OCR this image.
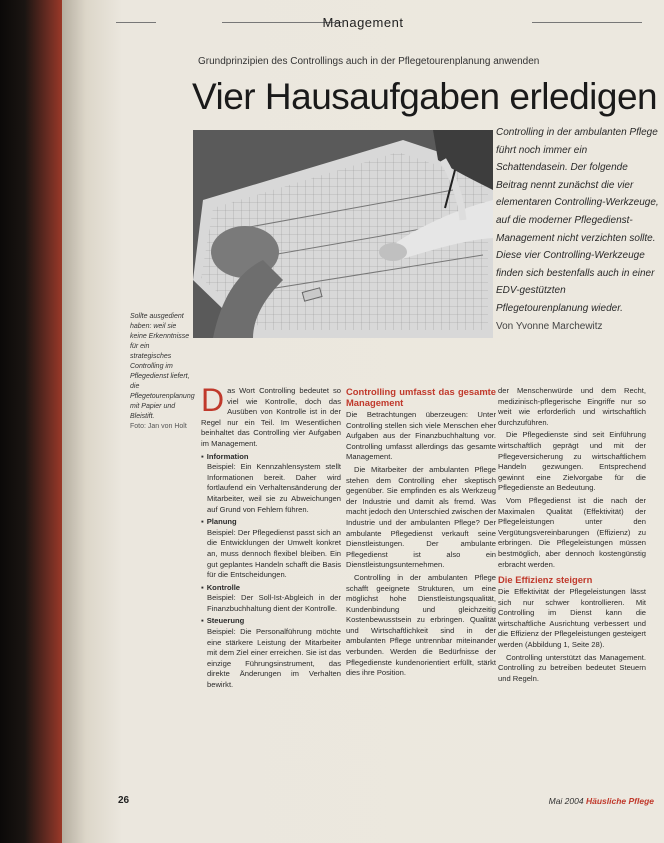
Management
Grundprinzipien des Controllings auch in der Pflegetourenplanung anwenden
Vier Hausaufgaben erledigen
Controlling in der ambulanten Pflege führt noch immer ein Schattendasein. Der folgende Beitrag nennt zunächst die vier elementaren Controlling-Werkzeuge, auf die moderner Pflegedienst-Management nicht verzichten sollte. Diese vier Controlling-Werkzeuge finden sich bestenfalls auch in einer EDV-gestützten Pflegetourenplanung wieder.
Von Yvonne Marchewitz
Sollte ausgedient haben: weil sie keine Erkenntnisse für ein strategisches Controlling im Pflegedienst liefert, die Pflegetourenplanung mit Papier und Bleistift.
Foto: Jan von Holt
D as Wort Controlling bedeutet so viel wie Kontrolle, doch das Ausüben von Kontrolle ist in der Regel nur ein Teil. Im Wesentlichen beinhaltet das Controlling vier Aufgaben im Management.
▪ Information
Beispiel: Ein Kennzahlensystem stellt Informationen bereit. Daher wird fortlaufend ein Verhaltensänderung der Mitarbeiter, weil sie zu Abweichungen auf Grund von Fehlern führen.
▪ Planung
Beispiel: Der Pflegedienst passt sich an die Entwicklungen der Umwelt konkret an, muss dennoch flexibel bleiben. Ein gut geplantes Handeln schafft die Basis für die Entscheidungen.
▪ Kontrolle
Beispiel: Der Soll-Ist-Abgleich in der Finanzbuchhaltung dient der Kontrolle.
▪ Steuerung
Beispiel: Die Personalführung möchte eine stärkere Leistung der Mitarbeiter mit dem Ziel einer erreichen. Sie ist das einzige Führungsinstrument, das direkte Änderungen im Verhalten bewirkt.
Controlling umfasst das gesamte Management

Die Betrachtungen überzeugen: Unter Controlling stellen sich viele Menschen eher Aufgaben aus der Finanzbuchhaltung vor. Controlling umfasst allerdings das gesamte Management.

Die Mitarbeiter der ambulanten Pflege stehen dem Controlling eher skeptisch gegenüber. Sie empfinden es als Werkzeug der Industrie und damit als fremd. Was macht jedoch den Unterschied zwischen der Industrie und der ambulanten Pflege? Der ambulante Pflegedienst verkauft seine Dienstleistungen. Der ambulante Pflegedienst ist also ein Dienstleistungsunternehmen.

Controlling in der ambulanten Pflege schafft geeignete Strukturen, um eine möglichst hohe Dienstleistungsqualität, Kundenbindung und gleichzeitig Kostenbewusstsein zu erbringen. Qualität und Wirtschaftlichkeit sind in der ambulanten Pflege untrennbar miteinander verbunden. Werden die Bedürfnisse der Pflegedienste kundenorientiert erfüllt, stärkt dies ihre Position.

der Menschenwürde und dem Recht, medizinisch-pflegerische Eingriffe nur so weit wie erforderlich und wirtschaftlich durchzuführen.

Die Pflegedienste sind seit Einführung wirtschaftlich geprägt und mit der Pflegeversicherung zu wirtschaftlichem Handeln gezwungen. Entsprechend gewinnt eine Zielvorgabe für die Pflegedienste an Bedeutung.

Vom Pflegedienst ist die nach der Maximalen Qualität (Effektivität) der Pflegeleistungen unter den Vergütungsvereinbarungen (Effizienz) zu erbringen. Die Pflegeleistungen müssen bestmöglich, aber dennoch kostengünstig erbracht werden.

Die Effizienz steigern

Die Effektivität der Pflegeleistungen lässt sich nur schwer kontrollieren. Mit Controlling im Dienst kann die wirtschaftliche Ausrichtung verbessert und die Effizienz der Pflegeleistungen gesteigert werden (Abbildung 1, Seite 28).

Controlling unterstützt das Management. Controlling zu betreiben bedeutet Steuern und Regeln.

26	Mai 2004 Häusliche Pflege
